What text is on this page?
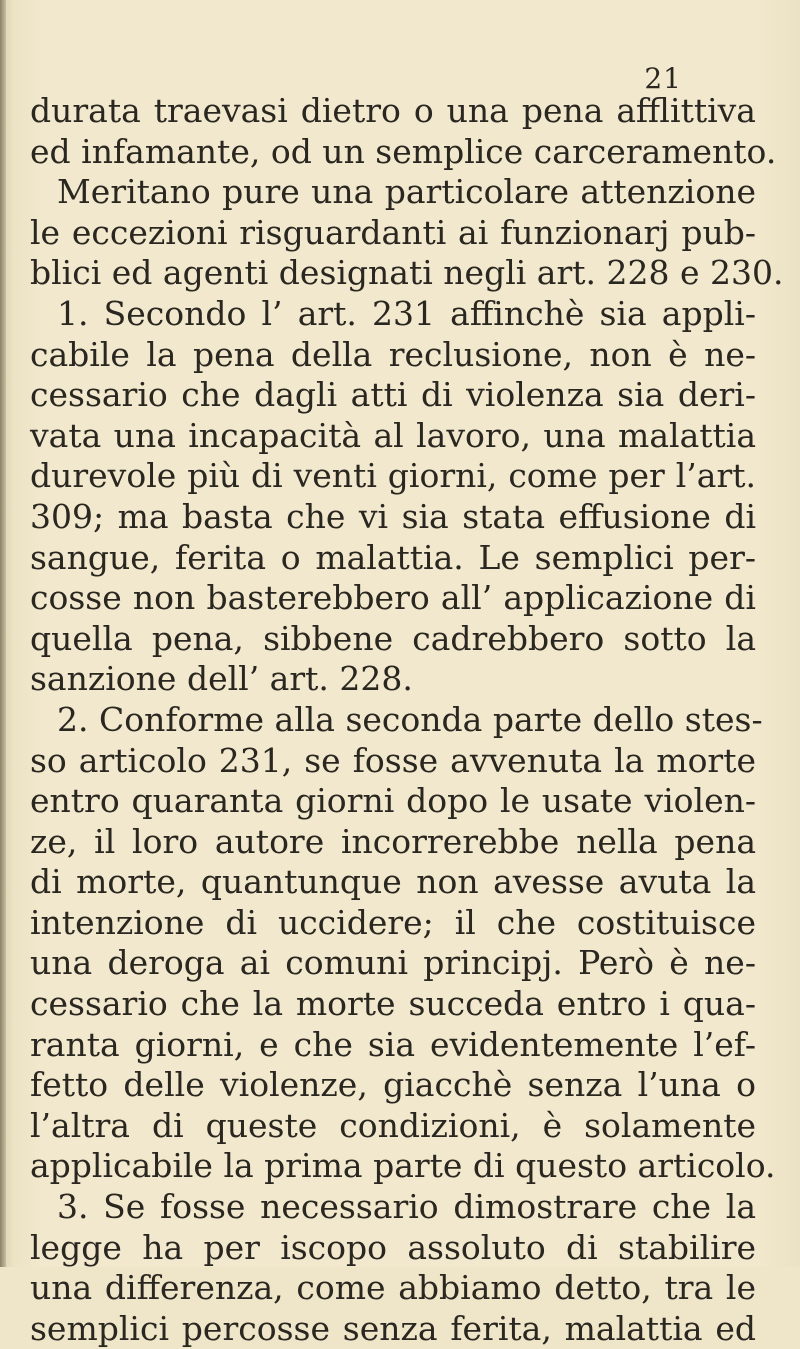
21
durata traevasi dietro o una pena afflittiva
ed infamante, od un semplice carceramento.
Meritano pure una particolare attenzione
le eccezioni risguardanti ai funzionarj pub-
blici ed agenti designati negli art. 228 e 230.
1. Secondo l’ art. 231 affinchè sia appli-
cabile la pena della reclusione, non è ne-
cessario che dagli atti di violenza sia deri-
vata una incapacità al lavoro, una malattia
durevole più di venti giorni, come per l’art.
309; ma basta che vi sia stata effusione di
sangue, ferita o malattia. Le semplici per-
cosse non basterebbero all’ applicazione di
quella pena, sibbene cadrebbero sotto la
sanzione dell’ art. 228.
2. Conforme alla seconda parte dello stes-
so articolo 231, se fosse avvenuta la morte
entro quaranta giorni dopo le usate violen-
ze, il loro autore incorrerebbe nella pena
di morte, quantunque non avesse avuta la
intenzione di uccidere; il che costituisce
una deroga ai comuni principj. Però è ne-
cessario che la morte succeda entro i qua-
ranta giorni, e che sia evidentemente l’ef-
fetto delle violenze, giacchè senza l’una o
l’altra di queste condizioni, è solamente
applicabile la prima parte di questo articolo.
3. Se fosse necessario dimostrare che la
legge ha per iscopo assoluto di stabilire
una differenza, come abbiamo detto, tra le
semplici percosse senza ferita, malattia ed
